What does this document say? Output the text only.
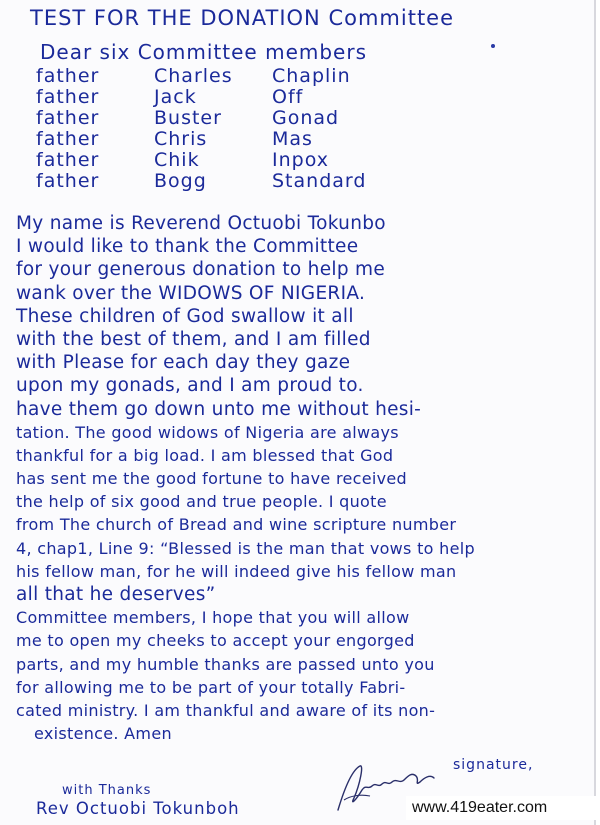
TEST FOR THE DONATION Committee
Dear six Committee members
father	Charles	Chaplin
father	Jack	Off
father	Buster	Gonad
father	Chris	Mas
father	Chik	Inpox
father	Bogg	Standard
My name is Reverend Octuobi Tokunbo
I would like to thank the Committee
for your generous donation to help me
wank over the WIDOWS OF NIGERIA.
These children of God swallow it all
with the best of them, and I am filled
with Please for each day they gaze
upon my gonads, and I am proud to.
have them go down unto me without hesi-
tation. The good widows of Nigeria are always
thankful for a big load. I am blessed that God
has sent me the good fortune to have received
the help of six good and true people. I quote
from The church of Bread and wine scripture number
4, chap1, Line 9: “Blessed is the man that vows to help
his fellow man, for he will indeed give his fellow man
all that he deserves”
Committee members, I hope that you will allow
me to open my cheeks to accept your engorged
parts, and my humble thanks are passed unto you
for allowing me to be part of your totally Fabri-
cated ministry. I am thankful and aware of its non-
existence. Amen
with Thanks
signature,
Rev Octuobi Tokunboh	www.419eater.com
